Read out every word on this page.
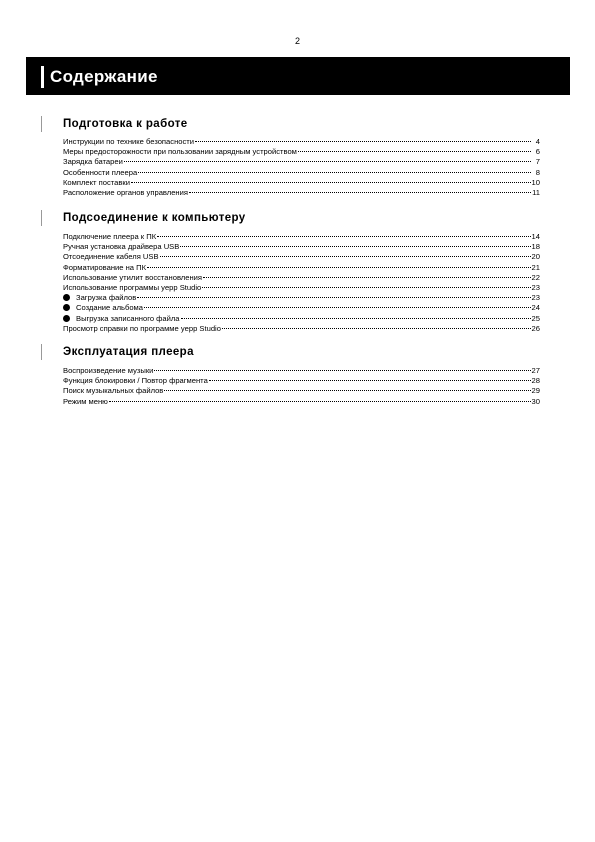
2
Содержание
Подготовка к работе
Инструкции по технике безопасности	4
Меры предосторожности при пользовании зарядным устройством	6
Зарядка батареи	7
Особенности плеера	8
Комплект поставки	10
Расположение органов управления	11
Подсоединение к компьютеру
Подключение плеера к ПК	14
Ручная установка драйвера USB	18
Отсоединение кабеля USB	20
Форматирование на ПК	21
Использование утилит восстановления	22
Использование программы yepp Studio	23
Загрузка файлов	23
Создание альбома	24
Выгрузка записанного файла	25
Просмотр справки по программе yepp Studio	26
Эксплуатация плеера
Воспроизведение музыки	27
Функция блокировки / Повтор фрагмента	28
Поиск музыкальных файлов	29
Режим меню	30
